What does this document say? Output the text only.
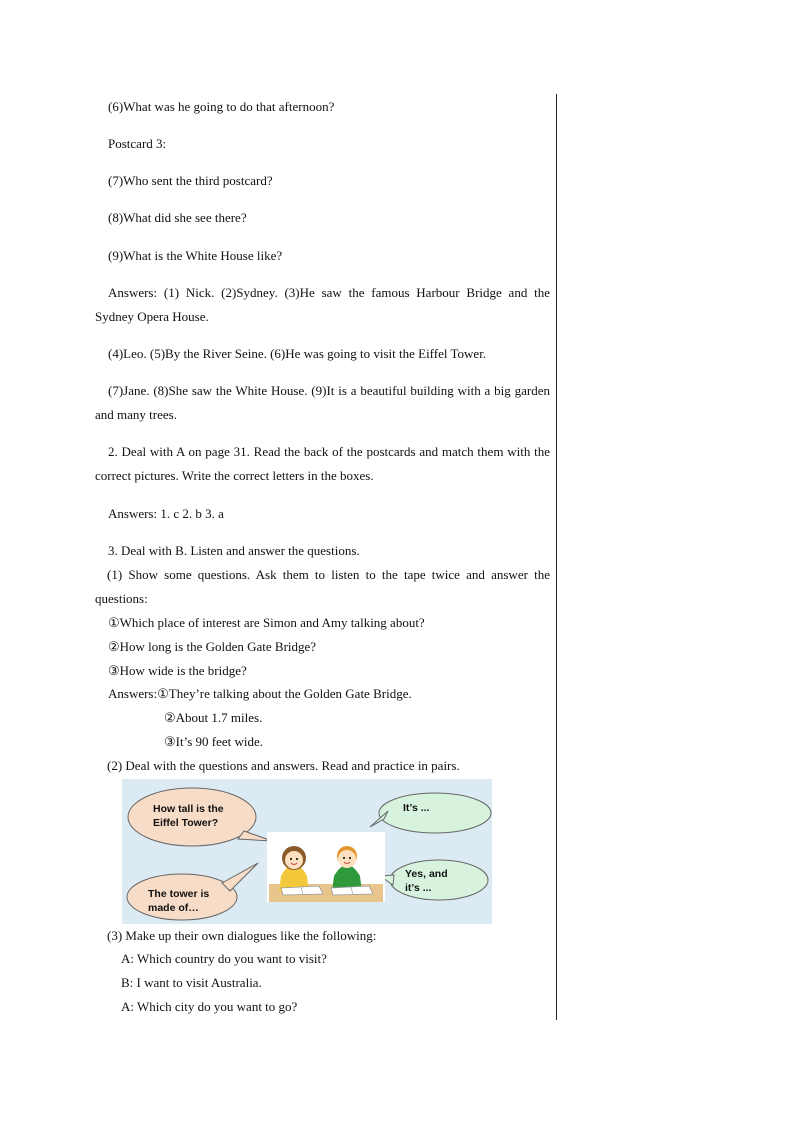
(6)What was he going to do that afternoon?
Postcard 3:
(7)Who sent the third postcard?
(8)What did she see there?
(9)What is the White House like?
Answers: (1) Nick. (2)Sydney. (3)He saw the famous Harbour Bridge and the Sydney Opera House.
(4)Leo. (5)By the River Seine. (6)He was going to visit the Eiffel Tower.
(7)Jane. (8)She saw the White House. (9)It is a beautiful building with a big garden and many trees.
2. Deal with A on page 31. Read the back of the postcards and match them with the correct pictures. Write the correct letters in the boxes.
Answers: 1. c 2. b 3. a
3. Deal with B. Listen and answer the questions.
(1) Show some questions. Ask them to listen to the tape twice and answer the questions:
①Which place of interest are Simon and Amy talking about?
②How long is the Golden Gate Bridge?
③How wide is the bridge?
Answers:①They’re talking about the Golden Gate Bridge.
②About 1.7 miles.
③It’s 90 feet wide.
(2) Deal with the questions and answers. Read and practice in pairs.
How tall is the
Eiffel Tower?
It’s ...
Yes, and
it’s ...
The tower is
made of…
(3) Make up their own dialogues like the following:
A: Which country do you want to visit?
B: I want to visit Australia.
A: Which city do you want to go?
